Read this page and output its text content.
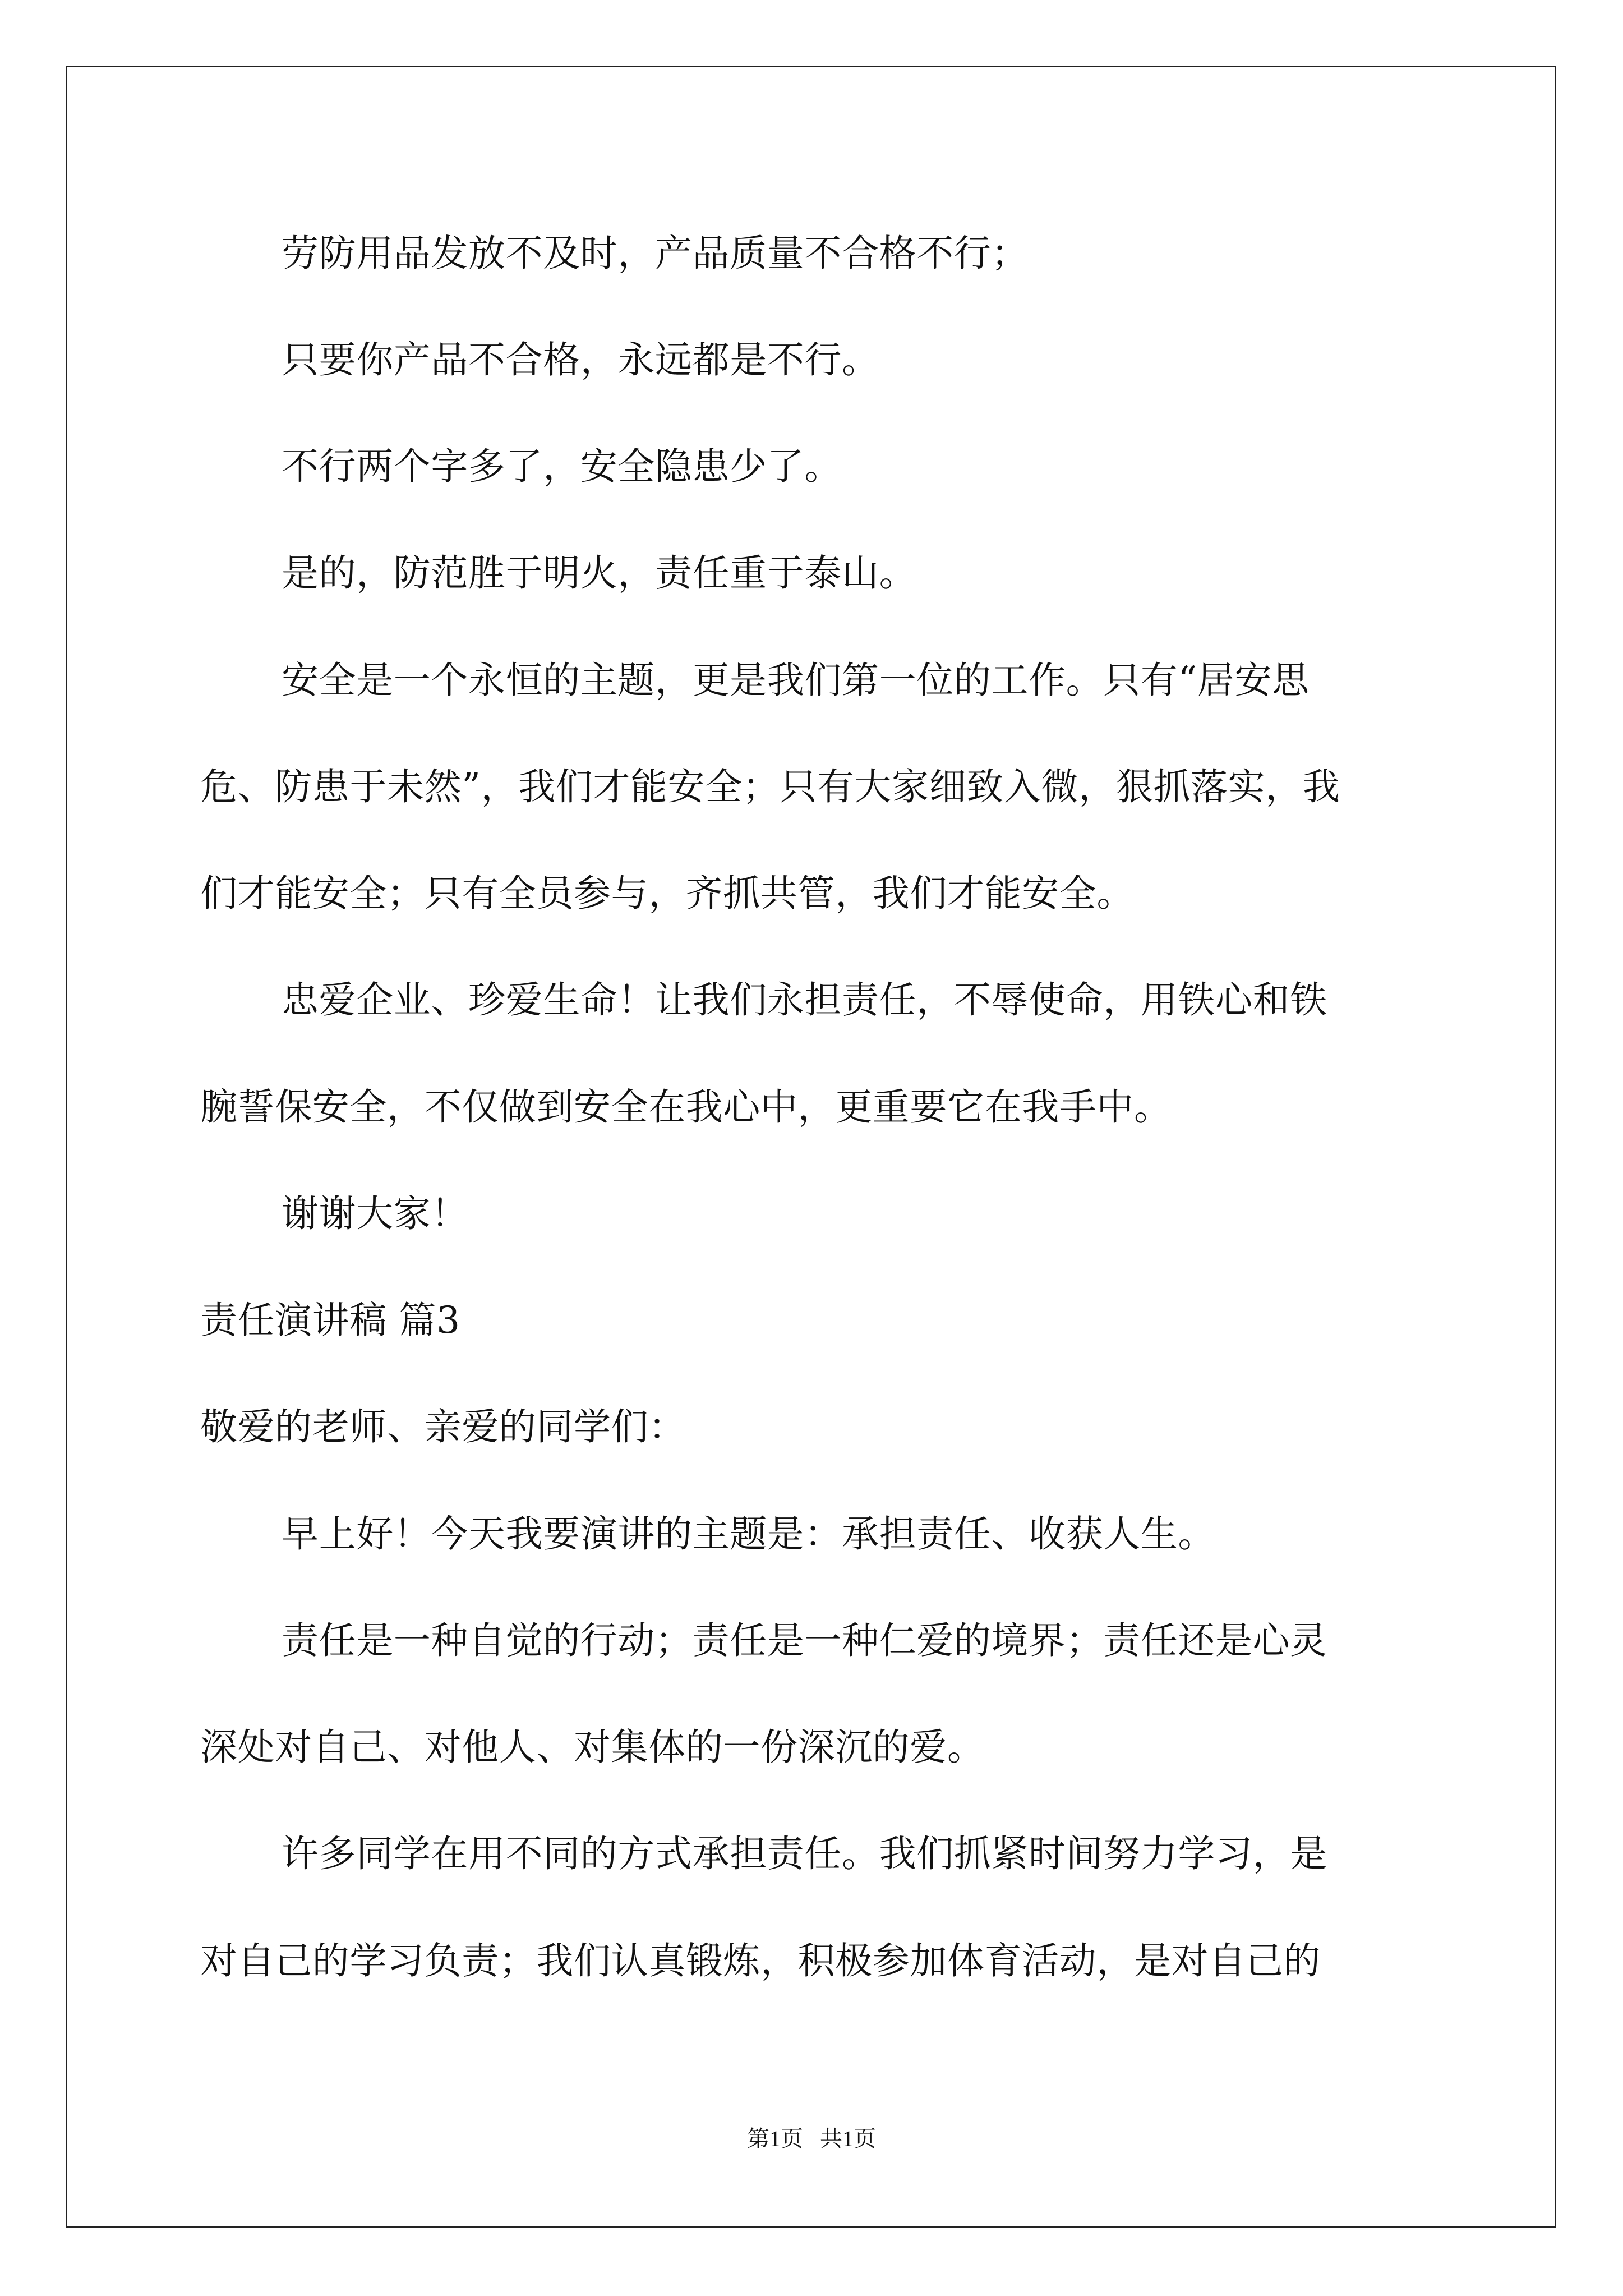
劳防用品发放不及时，产品质量不合格不行；
只要你产品不合格，永远都是不行。
不行两个字多了，安全隐患少了。
是的，防范胜于明火，责任重于泰山。
安全是一个永恒的主题，更是我们第一位的工作。只有“居安思
危、防患于未然”，我们才能安全；只有大家细致入微，狠抓落实，我
们才能安全；只有全员参与，齐抓共管，我们才能安全。
忠爱企业、珍爱生命！让我们永担责任，不辱使命，用铁心和铁
腕誓保安全，不仅做到安全在我心中，更重要它在我手中。
谢谢大家！
责任演讲稿 篇3
敬爱的老师、亲爱的同学们：
早上好！今天我要演讲的主题是：承担责任、收获人生。
责任是一种自觉的行动；责任是一种仁爱的境界；责任还是心灵
深处对自己、对他人、对集体的一份深沉的爱。
许多同学在用不同的方式承担责任。我们抓紧时间努力学习，是
对自己的学习负责；我们认真锻炼，积极参加体育活动，是对自己的
第1页 共1页
